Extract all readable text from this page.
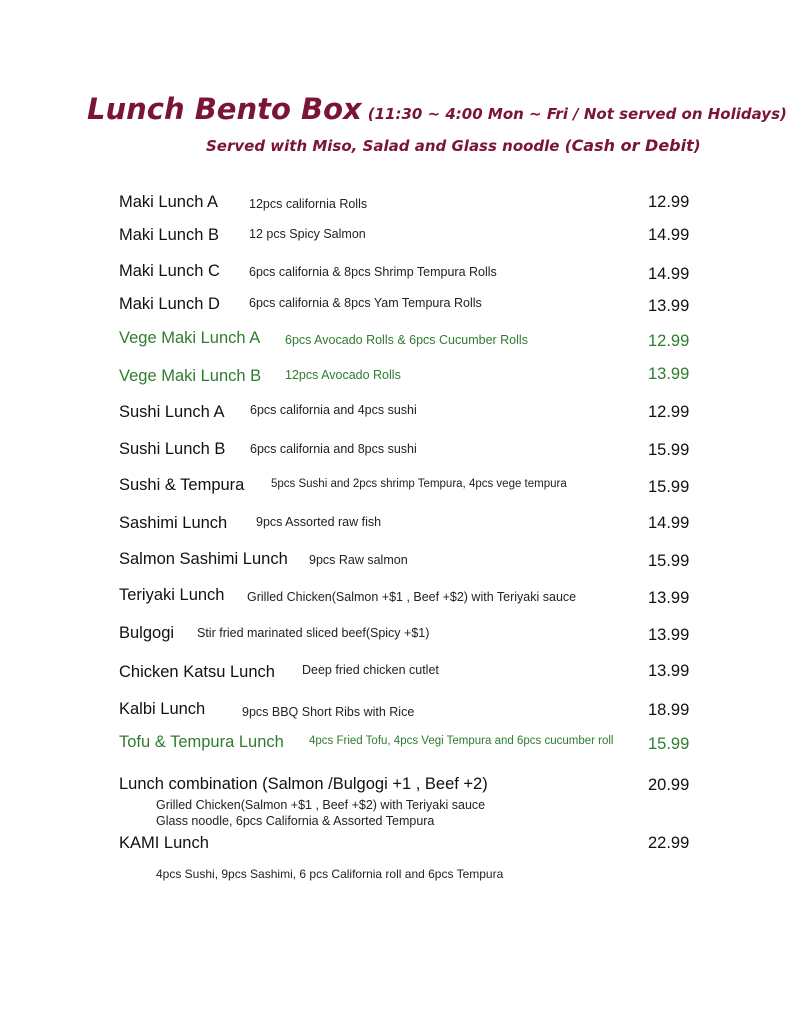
Lunch Bento Box (11:30 ~ 4:00 Mon ~ Fri / Not served on Holidays)
Served with Miso, Salad and Glass noodle (Cash or Debit)
Maki Lunch A 12pcs california Rolls	12.99
Maki Lunch B 12 pcs Spicy Salmon	14.99
Maki Lunch C 6pcs california & 8pcs Shrimp Tempura Rolls	14.99
Maki Lunch D 6pcs california & 8pcs Yam Tempura Rolls	13.99
Vege Maki Lunch A 6pcs Avocado Rolls & 6pcs Cucumber Rolls	12.99
Vege Maki Lunch B 12pcs Avocado Rolls	13.99
Sushi Lunch A 6pcs california and 4pcs sushi	12.99
Sushi Lunch B 6pcs california and 8pcs sushi	15.99
Sushi & Tempura 5pcs Sushi and 2pcs shrimp Tempura, 4pcs vege tempura	15.99
Sashimi Lunch 9pcs Assorted raw fish	14.99
Salmon Sashimi Lunch 9pcs Raw salmon	15.99
Teriyaki Lunch Grilled Chicken(Salmon +$1 , Beef +$2) with Teriyaki sauce	13.99
Bulgogi Stir fried marinated sliced beef(Spicy +$1)	13.99
Chicken Katsu Lunch Deep fried chicken cutlet	13.99
Kalbi Lunch	9pcs BBQ Short Ribs with Rice	18.99
Tofu & Tempura Lunch 4pcs Fried Tofu, 4pcs Vegi Tempura and 6pcs cucumber roll 15.99
Lunch combination (Salmon /Bulgogi +1 , Beef +2)	20.99
Grilled Chicken(Salmon +$1 , Beef +$2) with Teriyaki sauce
Glass noodle, 6pcs California & Assorted Tempura
KAMI Lunch	22.99
4pcs Sushi, 9pcs Sashimi, 6 pcs California roll and 6pcs Tempura
